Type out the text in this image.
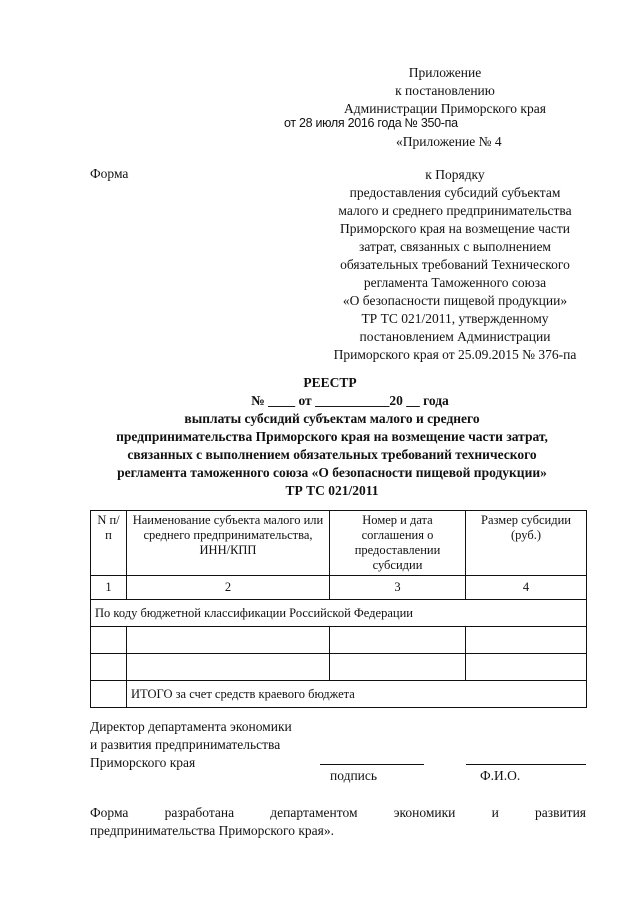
Приложение
к постановлению
Администрации Приморского края
от 28 июля 2016 года № 350-па
«Приложение № 4
Форма	к Порядку
предоставления субсидий субъектам
малого и среднего предпринимательства
Приморского края на возмещение части
затрат, связанных с выполнением
обязательных требований Технического
регламента Таможенного союза
«О безопасности пищевой продукции»
ТР ТС 021/2011, утвержденному
постановлением Администрации
Приморского края от 25.09.2015 № 376-па
РЕЕСТР
№ ____ от ___________20 __ года
выплаты субсидий субъектам малого и среднего
предпринимательства Приморского края на возмещение части затрат,
связанных с выполнением обязательных требований технического
регламента таможенного союза «О безопасности пищевой продукции»
ТР ТС 021/2011
N п/п	Наименование субъекта малого или среднего предпринимательства, ИНН/КПП	Номер и дата соглашения о предоставлении субсидии	Размер субсидии (руб.)
1	2	3	4
По коду бюджетной классификации Российской Федерации			

	ИТОГО за счет средств краевого бюджета		
Директор департамента экономики
и развития предпринимательства
Приморского края
подпись	Ф.И.О.
Форма разработана департаментом экономики и развития
предпринимательства Приморского края».
